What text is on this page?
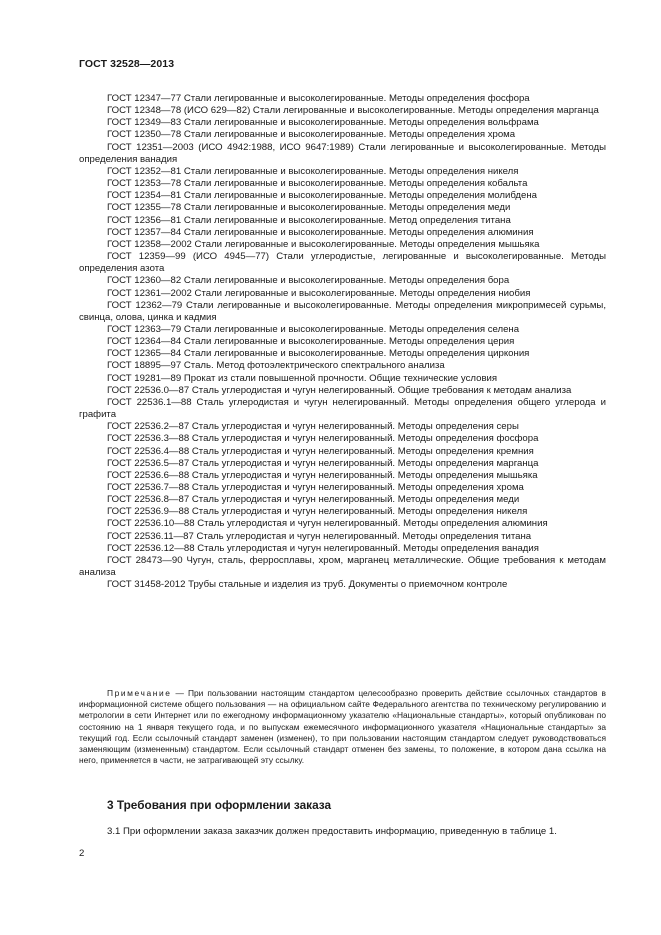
ГОСТ 32528—2013

ГОСТ 12347—77 Стали легированные и высоколегированные. Методы определения фосфора

ГОСТ 12348—78 (ИСО 629—82) Стали легированные и высоколегированные. Методы определения марганца

ГОСТ 12349—83 Стали легированные и высоколегированные. Методы определения вольфрама

ГОСТ 12350—78 Стали легированные и высоколегированные. Методы определения хрома

ГОСТ 12351—2003 (ИСО 4942:1988, ИСО 9647:1989) Стали легированные и высоколегированные. Методы определения ванадия

ГОСТ 12352—81 Стали легированные и высоколегированные. Методы определения никеля

ГОСТ 12353—78 Стали легированные и высоколегированные. Методы определения кобальта

ГОСТ 12354—81 Стали легированные и высоколегированные. Методы определения молибдена

ГОСТ 12355—78 Стали легированные и высоколегированные. Методы определения меди

ГОСТ 12356—81 Стали легированные и высоколегированные. Метод определения титана

ГОСТ 12357—84 Стали легированные и высоколегированные. Методы определения алюминия

ГОСТ 12358—2002 Стали легированные и высоколегированные. Методы определения мышьяка

ГОСТ 12359—99 (ИСО 4945—77) Стали углеродистые, легированные и высоколегированные. Методы определения азота

ГОСТ 12360—82 Стали легированные и высоколегированные. Методы определения бора

ГОСТ 12361—2002 Стали легированные и высоколегированные. Методы определения ниобия

ГОСТ 12362—79 Стали легированные и высоколегированные. Методы определения микропримесей сурьмы, свинца, олова, цинка и кадмия

ГОСТ 12363—79 Стали легированные и высоколегированные. Методы определения селена

ГОСТ 12364—84 Стали легированные и высоколегированные. Методы определения церия

ГОСТ 12365—84 Стали легированные и высоколегированные. Методы определения циркония

ГОСТ 18895—97 Сталь. Метод фотоэлектрического спектрального анализа

ГОСТ 19281—89 Прокат из стали повышенной прочности. Общие технические условия

ГОСТ 22536.0—87 Сталь углеродистая и чугун нелегированный. Общие требования к методам анализа

ГОСТ 22536.1—88 Сталь углеродистая и чугун нелегированный. Методы определения общего углерода и графита

ГОСТ 22536.2—87 Сталь углеродистая и чугун нелегированный. Методы определения серы

ГОСТ 22536.3—88 Сталь углеродистая и чугун нелегированный. Методы определения фосфора

ГОСТ 22536.4—88 Сталь углеродистая и чугун нелегированный. Методы определения кремния

ГОСТ 22536.5—87 Сталь углеродистая и чугун нелегированный. Методы определения марганца

ГОСТ 22536.6—88 Сталь углеродистая и чугун нелегированный. Методы определения мышьяка

ГОСТ 22536.7—88 Сталь углеродистая и чугун нелегированный. Методы определения хрома

ГОСТ 22536.8—87 Сталь углеродистая и чугун нелегированный. Методы определения меди

ГОСТ 22536.9—88 Сталь углеродистая и чугун нелегированный. Методы определения никеля

ГОСТ 22536.10—88 Сталь углеродистая и чугун нелегированный. Методы определения алюминия

ГОСТ 22536.11—87 Сталь углеродистая и чугун нелегированный. Методы определения титана

ГОСТ 22536.12—88 Сталь углеродистая и чугун нелегированный. Методы определения ванадия

ГОСТ 28473—90 Чугун, сталь, ферросплавы, хром, марганец металлические. Общие требования к методам анализа

ГОСТ 31458-2012 Трубы стальные и изделия из труб. Документы о приемочном контроле

Примечание — При пользовании настоящим стандартом целесообразно проверить действие ссылочных стандартов в информационной системе общего пользования — на официальном сайте Федерального агентства по техническому регулированию и метрологии в сети Интернет или по ежегодному информационному указателю «Национальные стандарты», который опубликован по состоянию на 1 января текущего года, и по выпускам ежемесячного информационного указателя «Национальные стандарты» за текущий год. Если ссылочный стандарт заменен (изменен), то при пользовании настоящим стандартом следует руководствоваться заменяющим (измененным) стандартом. Если ссылочный стандарт отменен без замены, то положение, в котором дана ссылка на него, применяется в части, не затрагивающей эту ссылку.

3 Требования при оформлении заказа
3.1 При оформлении заказа заказчик должен предоставить информацию, приведенную в таблице 1.
2
